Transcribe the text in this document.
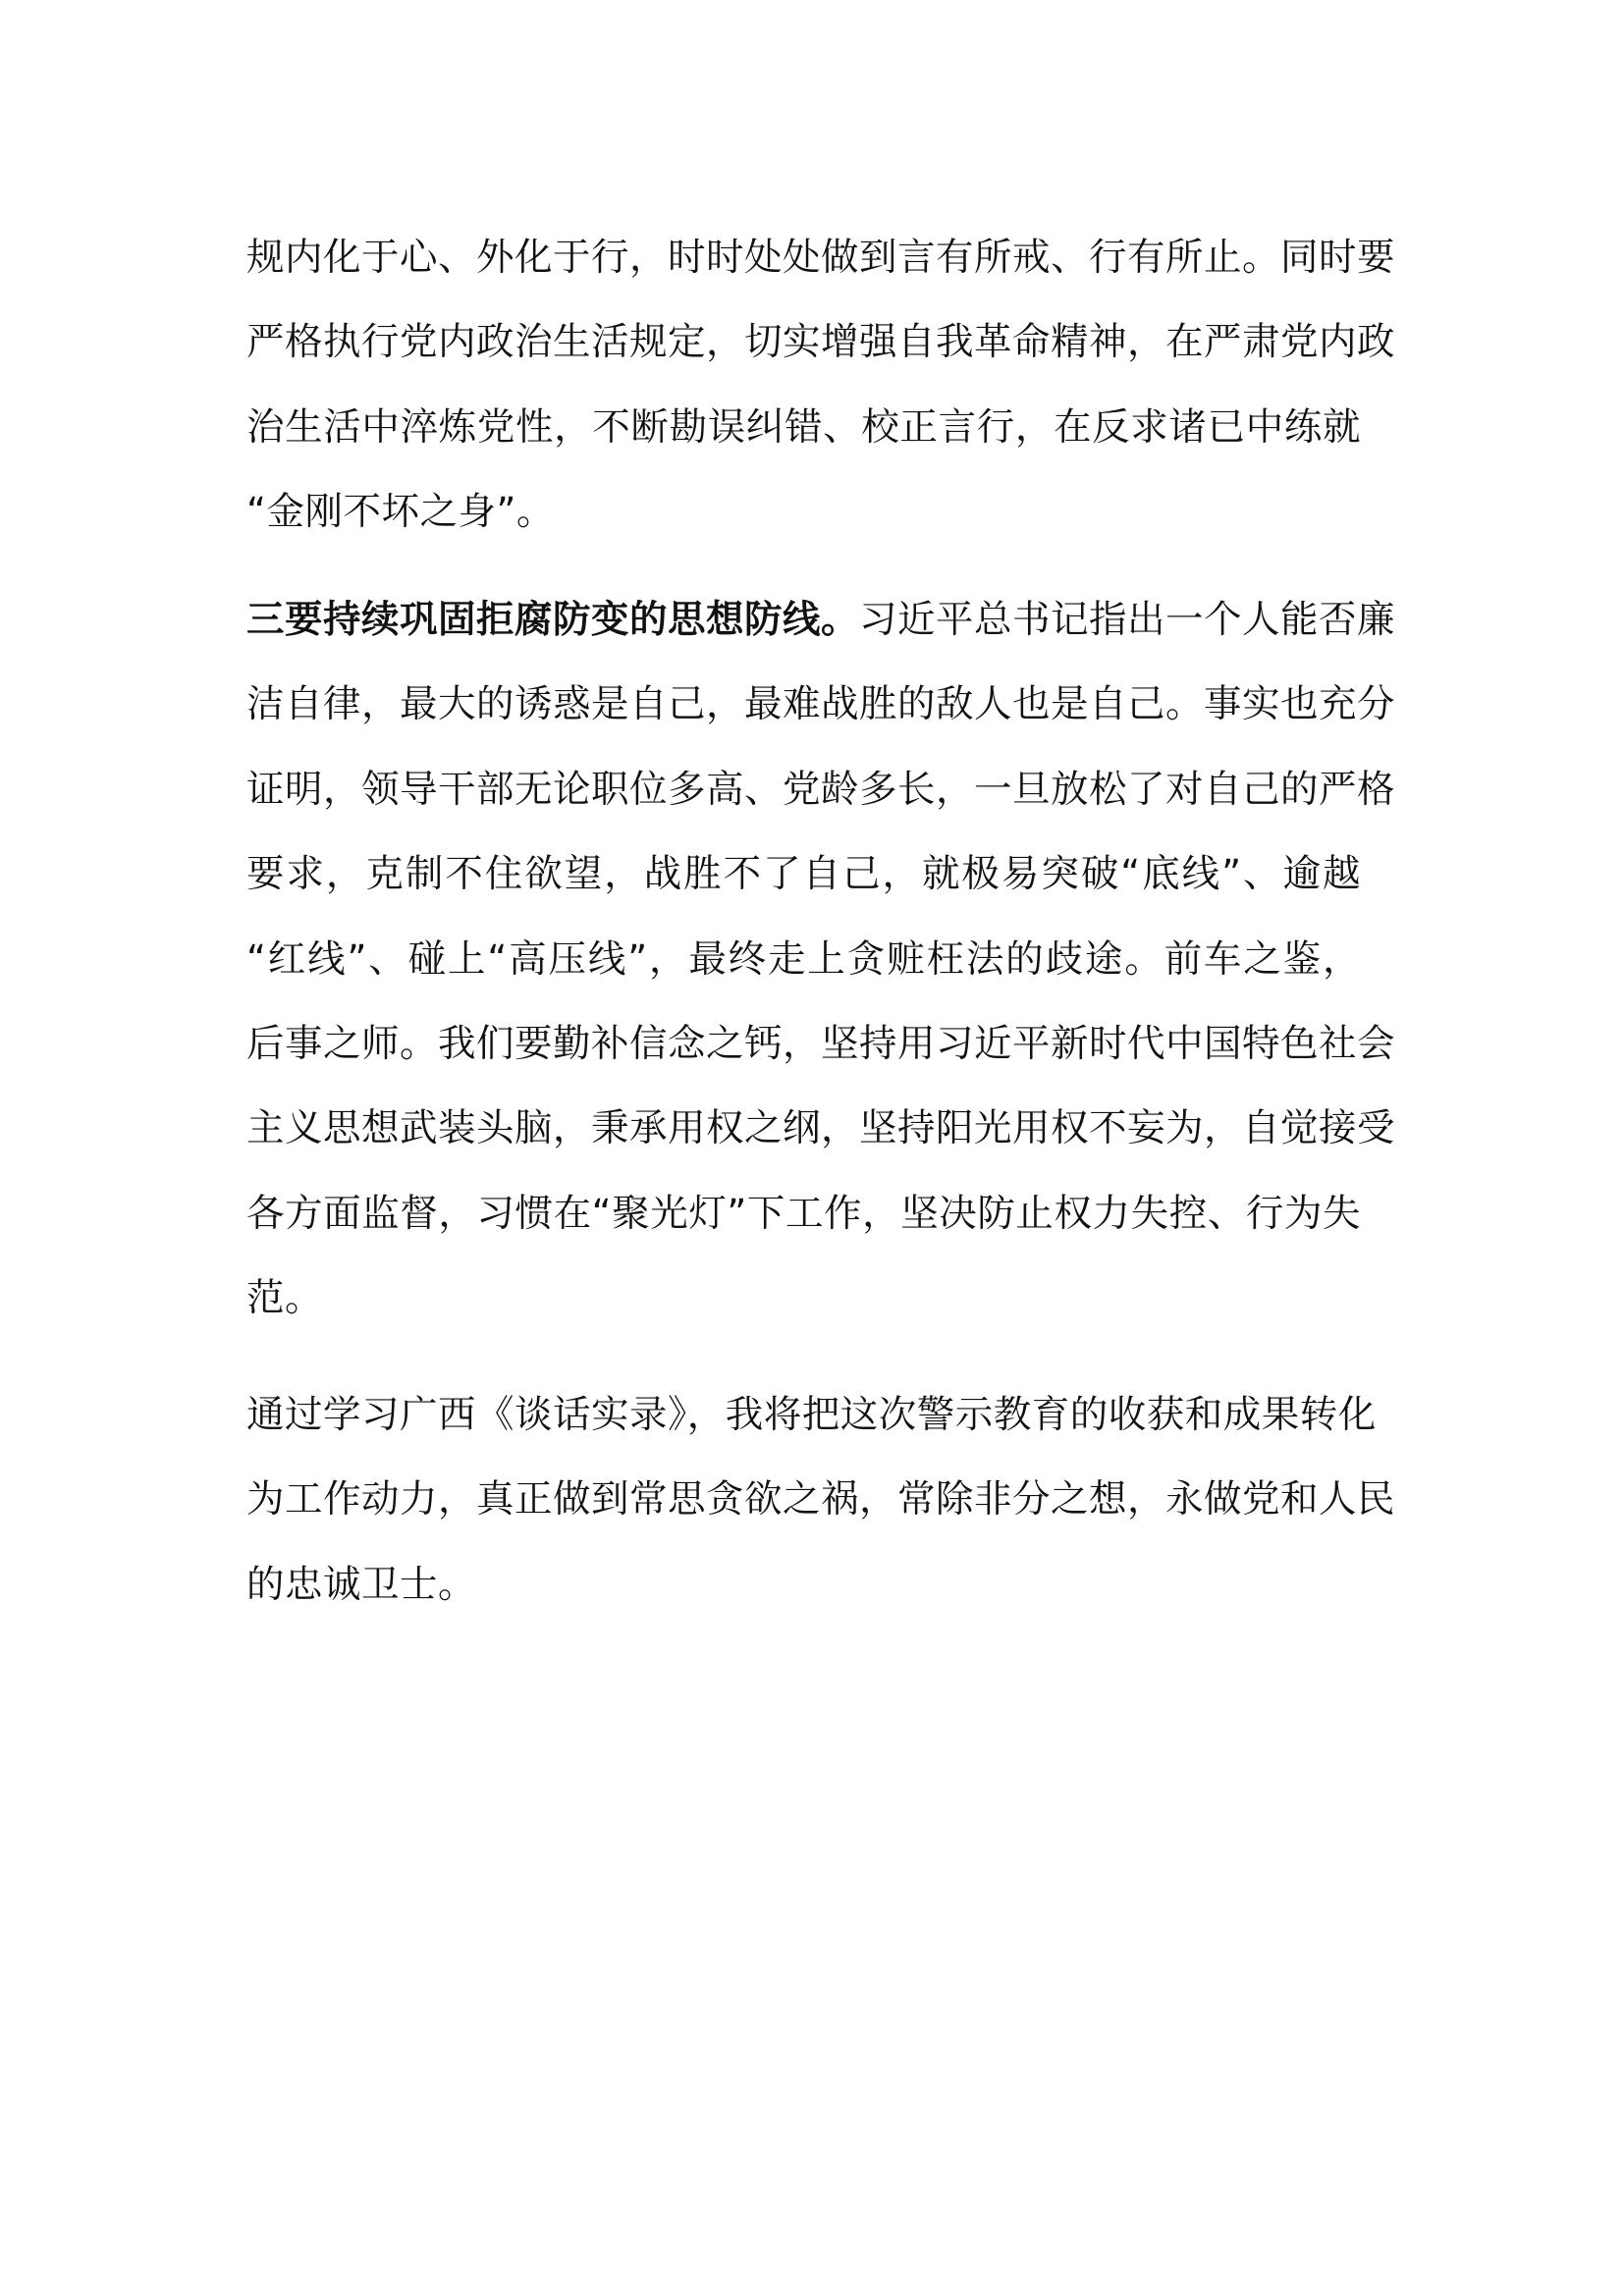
规内化于心、外化于行，时时处处做到言有所戒、行有所止。同时要
严格执行党内政治生活规定，切实增强自我革命精神，在严肃党内政
治生活中淬炼党性，不断勘误纠错、校正言行，在反求诸已中练就
“金刚不坏之身”。
三要持续巩固拒腐防变的思想防线。习近平总书记指出一个人能否廉
洁自律，最大的诱惑是自己，最难战胜的敌人也是自己。事实也充分
证明，领导干部无论职位多高、党龄多长，一旦放松了对自己的严格
要求，克制不住欲望，战胜不了自己，就极易突破“底线”、逾越
“红线”、碰上“高压线”，最终走上贪赃枉法的歧途。前车之鉴，
后事之师。我们要勤补信念之钙，坚持用习近平新时代中国特色社会
主义思想武装头脑，秉承用权之纲，坚持阳光用权不妄为，自觉接受
各方面监督，习惯在“聚光灯”下工作，坚决防止权力失控、行为失
范。
通过学习广西《谈话实录》，我将把这次警示教育的收获和成果转化
为工作动力，真正做到常思贪欲之祸，常除非分之想，永做党和人民
的忠诚卫士。
